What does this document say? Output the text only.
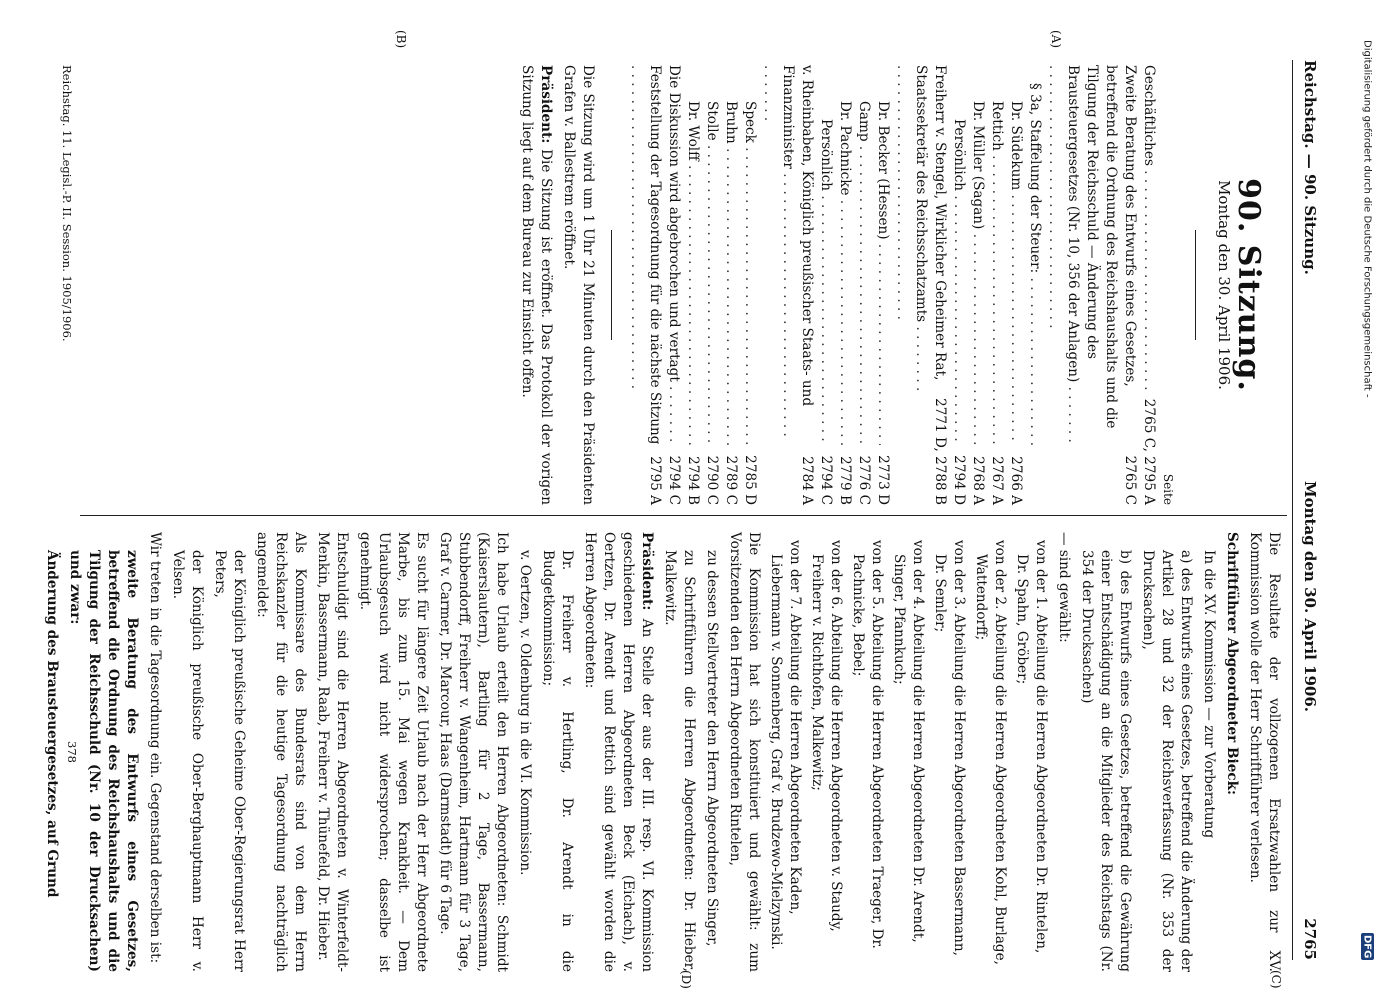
Reichstag. — 90. Sitzung.
Montag den 30. April 1906.
2765
(A)
(B)
(C)
(D)
90. Sitzung.
Montag den 30. April 1906.
Seite
Geschäftliches . . .
2765 C, 2795 A
Zweite Beratung des Entwurfs eines Gesetzes, betreffend die Ordnung des Reichshaushalts und die Tilgung der Reichsschuld — Änderung des Brausteuergesetzes (Nr. 10, 356 der Anlagen) . . .
2765 C
§ 3a, Staffelung der Steuer: . . .
Dr. Südekum . . .
2766 A
Rettich . . .
2767 A
Dr. Müller (Sagan) . . .
2768 A
Persönlich . . .
2794 D
Freiherr v. Stengel, Wirklicher Geheimer Rat, Staatssekretär des Reichsschatzamts . . .
2771 D, 2788 B
Dr. Becker (Hessen) . . .
2773 D
Gamp . . .
2776 C
Dr. Pachnicke . . .
2779 B
Persönlich . . .
2794 C
v. Rheinbaben, Königlich preußischer Staats- und Finanzminister . . .
2784 A
Speck . . .
2785 D
Bruhn . . .
2789 C
Stolle . . .
2790 C
Dr. Wolff . . .
2794 B
Die Diskussion wird abgebrochen und vertagt . . .
2794 C
Feststellung der Tagesordnung für die nächste Sitzung . . .
2795 A

Die Sitzung wird um 1 Uhr 21 Minuten durch den Präsidenten Grafen v. Ballestrem eröffnet.

Präsident: Die Sitzung ist eröffnet. Das Protokoll der vorigen Sitzung liegt auf dem Bureau zur Einsicht offen.

Die Resultate der vollzogenen Ersatzwahlen zur XV. Kommission wolle der Herr Schriftführer verlesen.

Schriftführer Abgeordneter Bieck:

In die XV. Kommission — zur Vorberatung

a) des Entwurfs eines Gesetzes, betreffend die Änderung der Artikel 28 und 32 der Reichsverfassung (Nr. 353 der Drucksachen),

b) des Entwurfs eines Gesetzes, betreffend die Gewährung einer Entschädigung an die Mitglieder des Reichstags (Nr. 354 der Drucksachen)

— sind gewählt:

von der 1. Abteilung die Herren Abgeordneten Dr. Rintelen, Dr. Spahn, Gröber;
von der 2. Abteilung die Herren Abgeordneten Kohl, Burlage, Wattendorff;
von der 3. Abteilung die Herren Abgeordneten Bassermann, Dr. Semler;
von der 4. Abteilung die Herren Abgeordneten Dr. Arendt, Singer, Pfannkuch;
von der 5. Abteilung die Herren Abgeordneten Traeger, Dr. Pachnicke, Bebel;
von der 6. Abteilung die Herren Abgeordneten v. Staudy, Freiherr v. Richthofen, Malkewitz;
von der 7. Abteilung die Herren Abgeordneten Kaden, Liebermann v. Sonnenberg, Graf v. Brudzewo-Mielzynski.

Die Kommission hat sich konstituiert und gewählt: zum Vorsitzenden den Herrn Abgeordneten Rintelen,

zu dessen Stellvertreter den Herrn Abgeordneten Singer,

zu Schriftführern die Herren Abgeordneten: Dr. Hieber, Malkewitz.

Präsident: An Stelle der aus der III. resp. VI. Kommission geschiedenen Herren Abgeordneten Beck (Eichach), v. Oertzen, Dr. Arendt und Rettich sind gewählt worden die Herren Abgeordneten:

Dr. Freiherr v. Hertling, Dr. Arendt in die Budgetkommission;

v. Oertzen, v. Oldenburg in die VI. Kommission.

Ich habe Urlaub erteilt den Herren Abgeordneten: Schmidt (Kaiserslautern), Bartling für 2 Tage, Bassermann, Stubbendorff, Freiherr v. Wangenheim, Hartmann für 3 Tage, Graf v. Carmer, Dr. Marcour, Haas (Darmstadt) für 6 Tage.

Es sucht für längere Zeit Urlaub nach der Herr Abgeordnete Marbe, bis zum 15. Mai wegen Krankheit. — Dem Urlaubsgesuch wird nicht widersprochen; dasselbe ist genehmigt.

Entschuldigt sind die Herren Abgeordneten v. Winterfeldt-Menkin, Bassermann, Raab, Freiherr v. Thünefeld, Dr. Hieber.

Als Kommissare des Bundesrats sind von dem Herrn Reichskanzler für die heutige Tagesordnung nachträglich angemeldet:

der Königlich preußische Geheime Ober-Regierungsrat Herr Peters,

der Königlich preußische Ober-Berghauptmann Herr v. Velsen.

Wir treten in die Tagesordnung ein. Gegenstand derselben ist:

zweite Beratung des Entwurfs eines Gesetzes, betreffend die Ordnung des Reichshaushalts und die Tilgung der Reichsschuld (Nr. 10 der Drucksachen) und zwar:

Änderung des Brausteuergesetzes, auf Grund

Reichstag. 11. Legisl.-P. II. Session. 1905/1906.
378
Digitalisierung gefördert durch die Deutsche Forschungsgemeinschaft -
DFG
